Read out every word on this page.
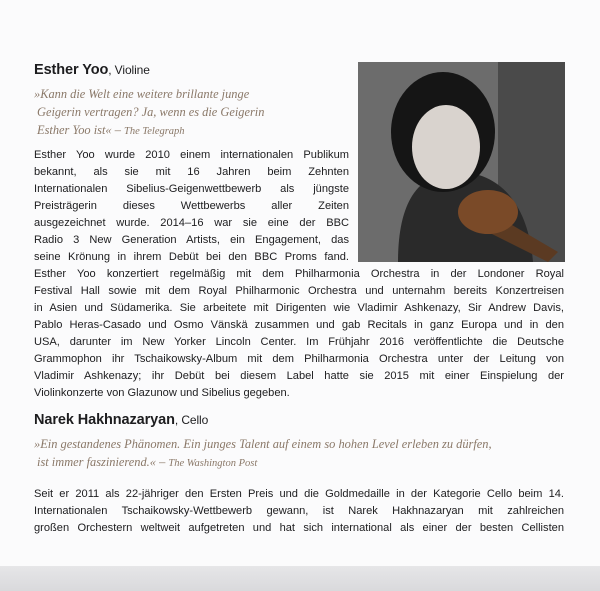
Esther Yoo, Violine
»Kann die Welt eine weitere brillante junge
Geigerin vertragen? Ja, wenn es die Geigerin
Esther Yoo ist« – The Telegraph
Esther Yoo wurde 2010 einem internationalen Publikum
bekannt, als sie mit 16 Jahren beim Zehnten
Internationalen Sibelius-Geigenwettbewerb als jüngste
Preisträgerin dieses Wettbewerbs aller Zeiten
ausgezeichnet wurde. 2014–16 war sie eine der BBC
Radio 3 New Generation Artists, ein Engagement, das
seine Krönung in ihrem Debüt bei den BBC Proms fand.
Esther Yoo konzertiert regelmäßig mit dem Philharmonia Orchestra in der Londoner Royal
Festival Hall sowie mit dem Royal Philharmonic Orchestra und unternahm bereits Konzertreisen
in Asien und Südamerika. Sie arbeitete mit Dirigenten wie Vladimir Ashkenazy, Sir Andrew Davis,
Pablo Heras-Casado und Osmo Vänskä zusammen und gab Recitals in ganz Europa und in den
USA, darunter im New Yorker Lincoln Center. Im Frühjahr 2016 veröffentlichte die Deutsche
Grammophon ihr Tschaikowsky-Album mit dem Philharmonia Orchestra unter der Leitung von
Vladimir Ashkenazy; ihr Debüt bei diesem Label hatte sie 2015 mit einer Einspielung der
Violinkonzerte von Glazunow und Sibelius gegeben.
Narek Hakhnazaryan, Cello
»Ein gestandenes Phänomen. Ein junges Talent auf einem so hohen Level erleben zu dürfen,
ist immer faszinierend.« – The Washington Post
Seit er 2011 als 22-jähriger den Ersten Preis und die Goldmedaille in der Kategorie Cello beim 14.
Internationalen Tschaikowsky-Wettbewerb gewann, ist Narek Hakhnazaryan mit zahlreichen
großen Orchestern weltweit aufgetreten und hat sich international als einer der besten Cellisten
